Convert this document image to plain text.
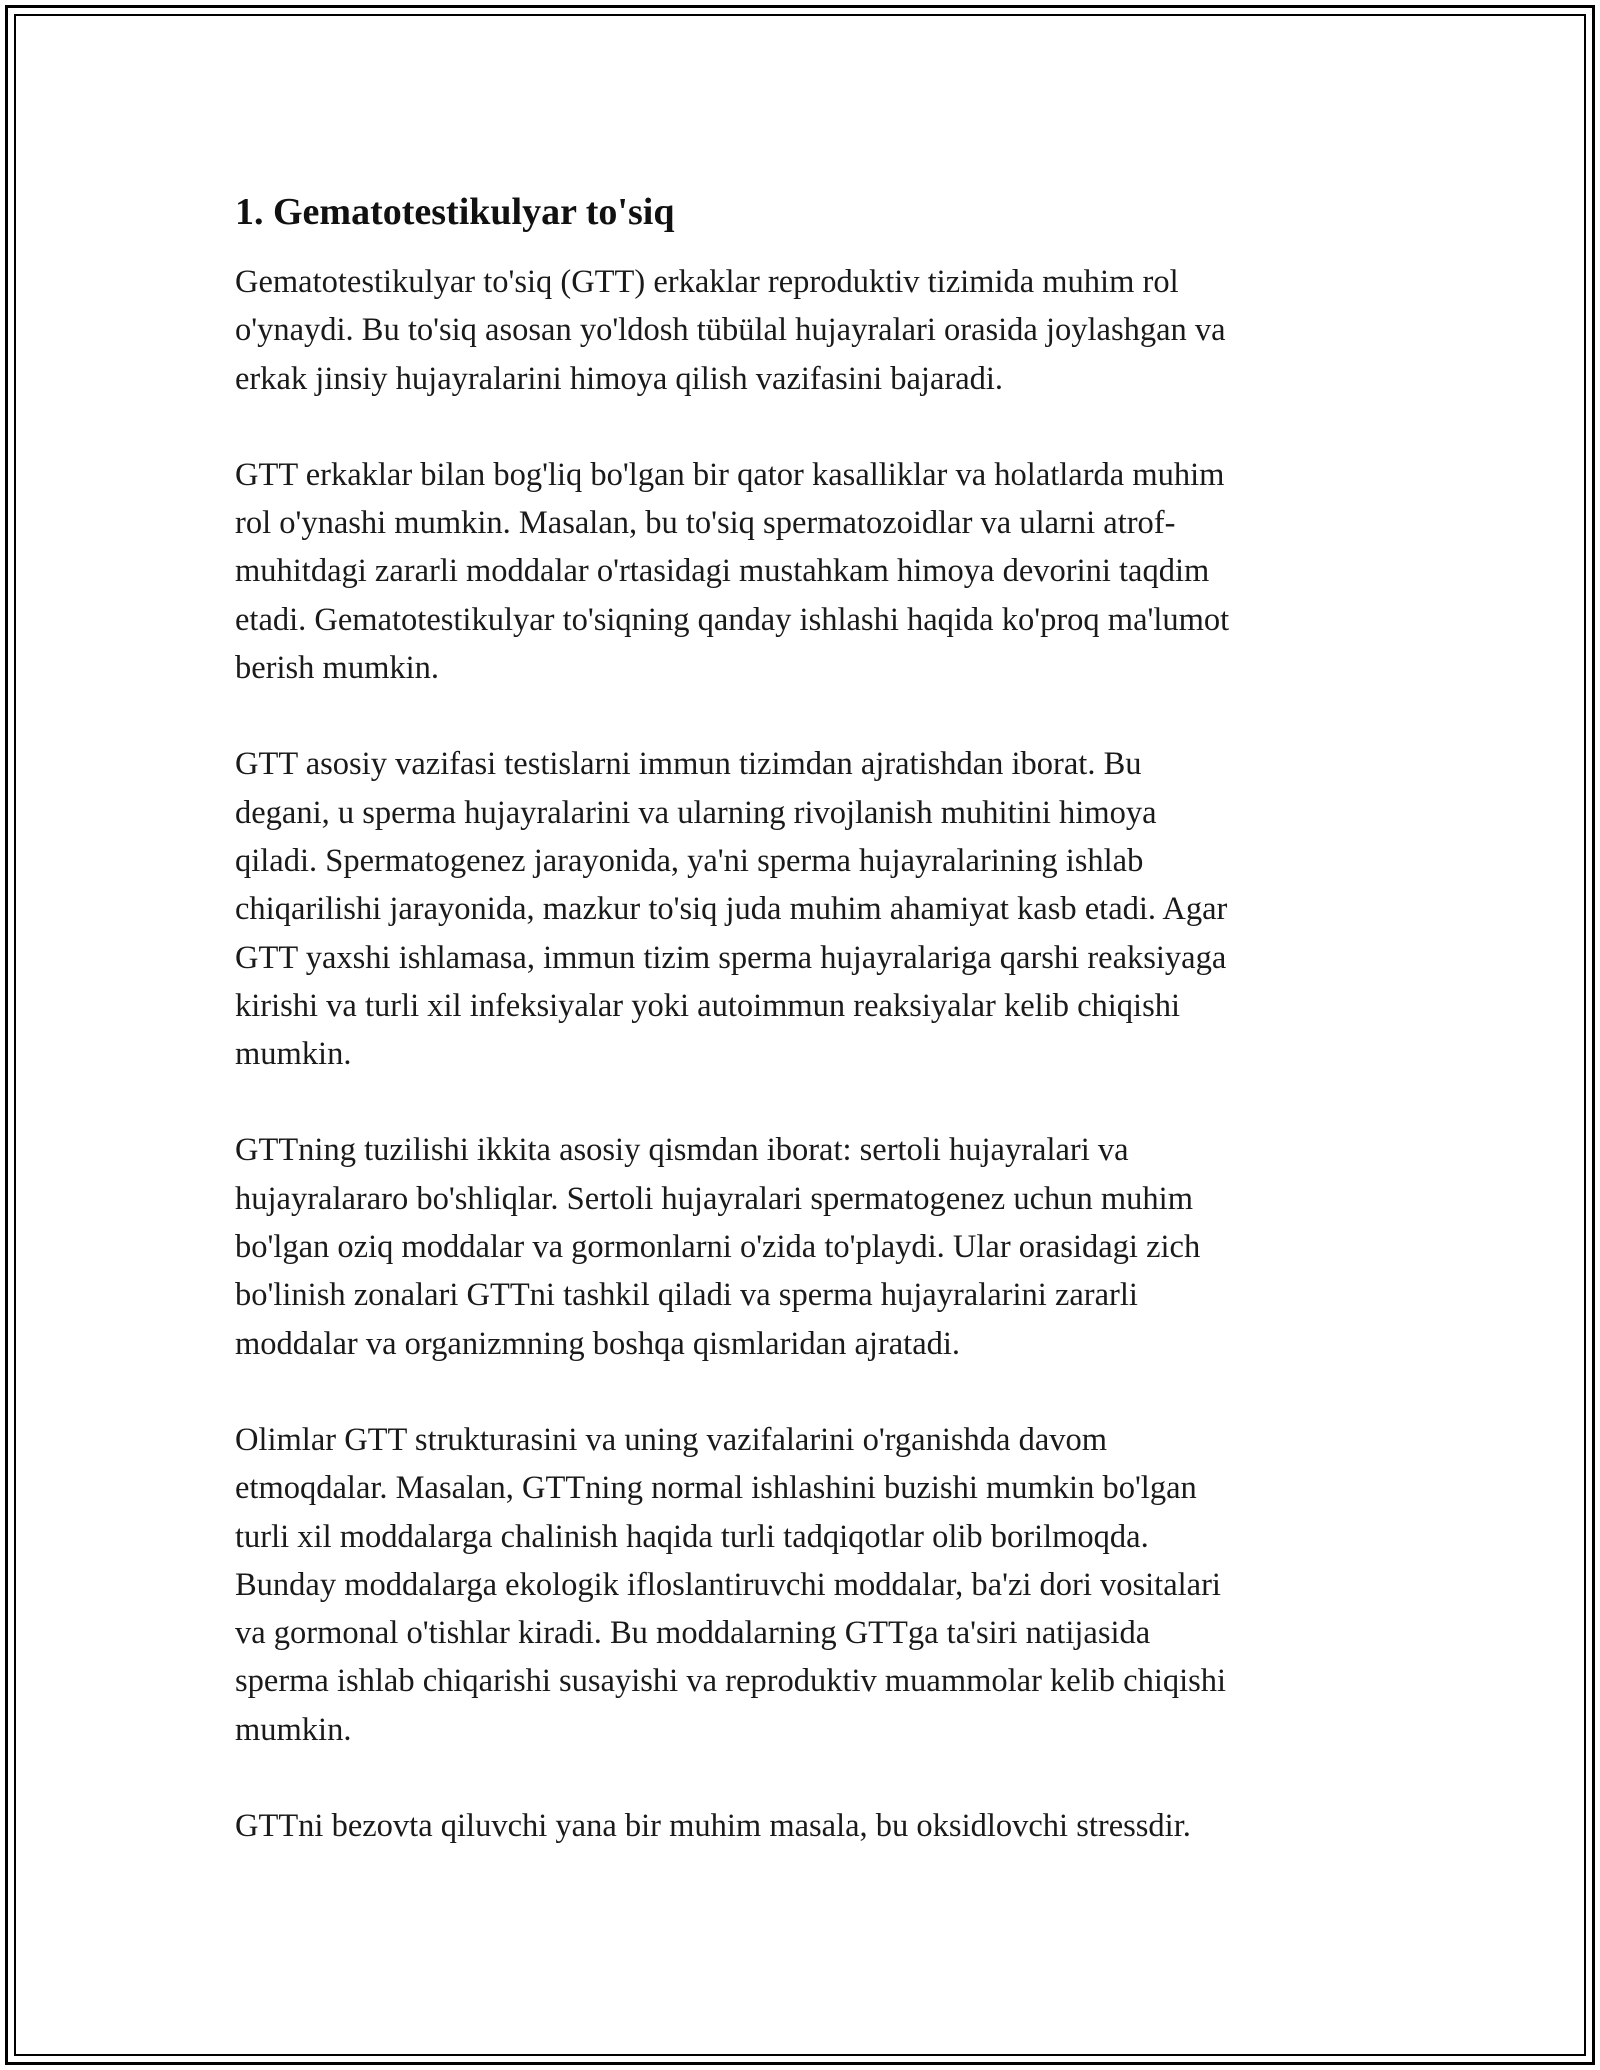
1. Gematotestikulyar to'siq
Gematotestikulyar to'siq (GTT) erkaklar reproduktiv tizimida muhim rol
o'ynaydi. Bu to'siq asosan yo'ldosh tübülal hujayralari orasida joylashgan va
erkak jinsiy hujayralarini himoya qilish vazifasini bajaradi.
GTT erkaklar bilan bog'liq bo'lgan bir qator kasalliklar va holatlarda muhim
rol o'ynashi mumkin. Masalan, bu to'siq spermatozoidlar va ularni atrof-
muhitdagi zararli moddalar o'rtasidagi mustahkam himoya devorini taqdim
etadi. Gematotestikulyar to'siqning qanday ishlashi haqida ko'proq ma'lumot
berish mumkin.
GTT asosiy vazifasi testislarni immun tizimdan ajratishdan iborat. Bu
degani, u sperma hujayralarini va ularning rivojlanish muhitini himoya
qiladi. Spermatogenez jarayonida, ya'ni sperma hujayralarining ishlab
chiqarilishi jarayonida, mazkur to'siq juda muhim ahamiyat kasb etadi. Agar
GTT yaxshi ishlamasa, immun tizim sperma hujayralariga qarshi reaksiyaga
kirishi va turli xil infeksiyalar yoki autoimmun reaksiyalar kelib chiqishi
mumkin.
GTTning tuzilishi ikkita asosiy qismdan iborat: sertoli hujayralari va
hujayralararo bo'shliqlar. Sertoli hujayralari spermatogenez uchun muhim
bo'lgan oziq moddalar va gormonlarni o'zida to'playdi. Ular orasidagi zich
bo'linish zonalari GTTni tashkil qiladi va sperma hujayralarini zararli
moddalar va organizmning boshqa qismlaridan ajratadi.
Olimlar GTT strukturasini va uning vazifalarini o'rganishda davom
etmoqdalar. Masalan, GTTning normal ishlashini buzishi mumkin bo'lgan
turli xil moddalarga chalinish haqida turli tadqiqotlar olib borilmoqda.
Bunday moddalarga ekologik ifloslantiruvchi moddalar, ba'zi dori vositalari
va gormonal o'tishlar kiradi. Bu moddalarning GTTga ta'siri natijasida
sperma ishlab chiqarishi susayishi va reproduktiv muammolar kelib chiqishi
mumkin.
GTTni bezovta qiluvchi yana bir muhim masala, bu oksidlovchi stressdir.
